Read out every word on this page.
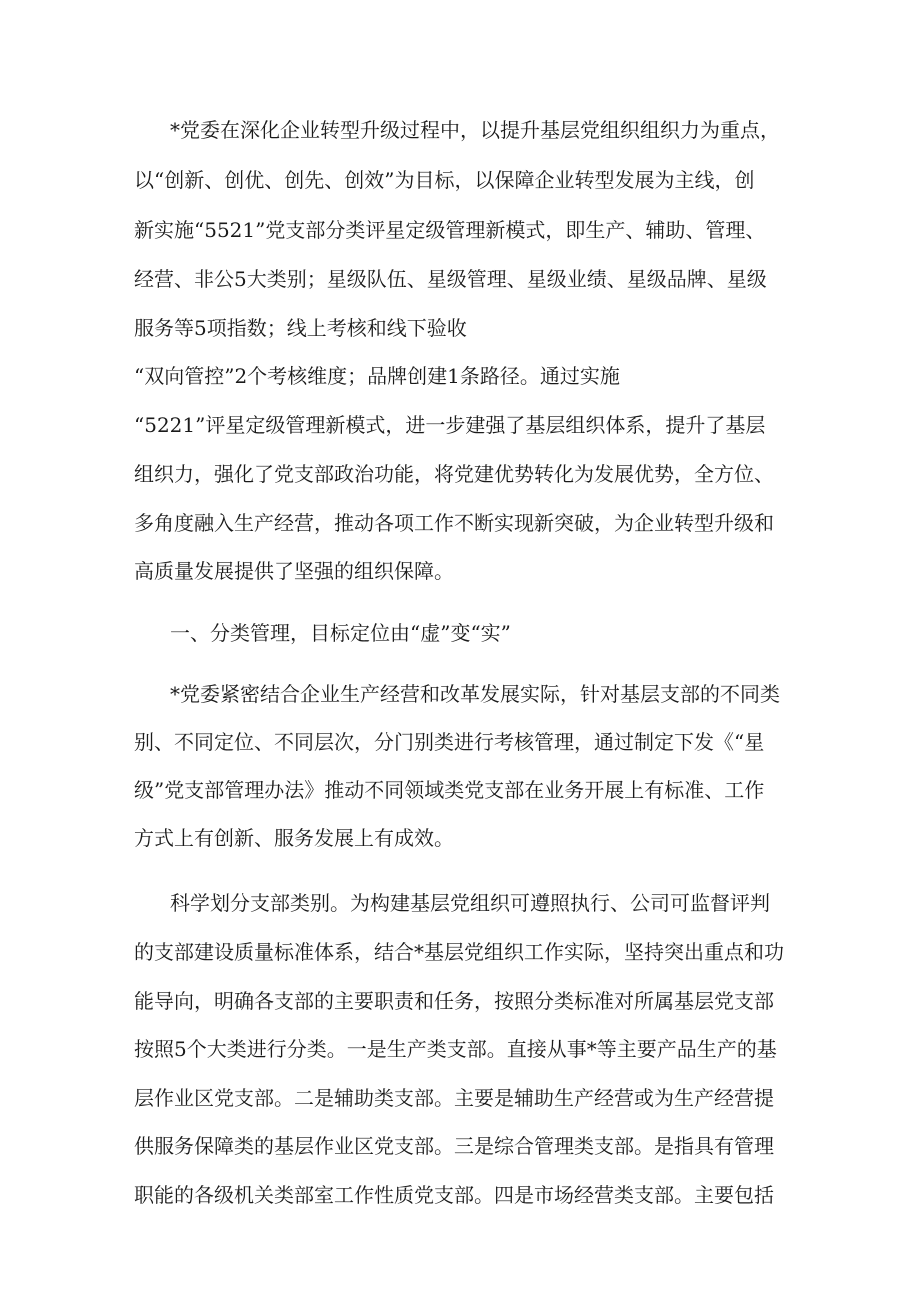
*党委在深化企业转型升级过程中，以提升基层党组织组织力为重点，
以“创新、创优、创先、创效”为目标，以保障企业转型发展为主线，创
新实施“5521”党支部分类评星定级管理新模式，即生产、辅助、管理、
经营、非公5大类别；星级队伍、星级管理、星级业绩、星级品牌、星级
服务等5项指数；线上考核和线下验收
“双向管控”2个考核维度；品牌创建1条路径。通过实施
“5221”评星定级管理新模式，进一步建强了基层组织体系，提升了基层
组织力，强化了党支部政治功能，将党建优势转化为发展优势，全方位、
多角度融入生产经营，推动各项工作不断实现新突破，为企业转型升级和
高质量发展提供了坚强的组织保障。
一、分类管理，目标定位由“虚”变“实”
*党委紧密结合企业生产经营和改革发展实际，针对基层支部的不同类
别、不同定位、不同层次，分门别类进行考核管理，通过制定下发《“星
级”党支部管理办法》推动不同领域类党支部在业务开展上有标准、工作
方式上有创新、服务发展上有成效。
科学划分支部类别。为构建基层党组织可遵照执行、公司可监督评判
的支部建设质量标准体系，结合*基层党组织工作实际，坚持突出重点和功
能导向，明确各支部的主要职责和任务，按照分类标准对所属基层党支部
按照5个大类进行分类。一是生产类支部。直接从事*等主要产品生产的基
层作业区党支部。二是辅助类支部。主要是辅助生产经营或为生产经营提
供服务保障类的基层作业区党支部。三是综合管理类支部。是指具有管理
职能的各级机关类部室工作性质党支部。四是市场经营类支部。主要包括
